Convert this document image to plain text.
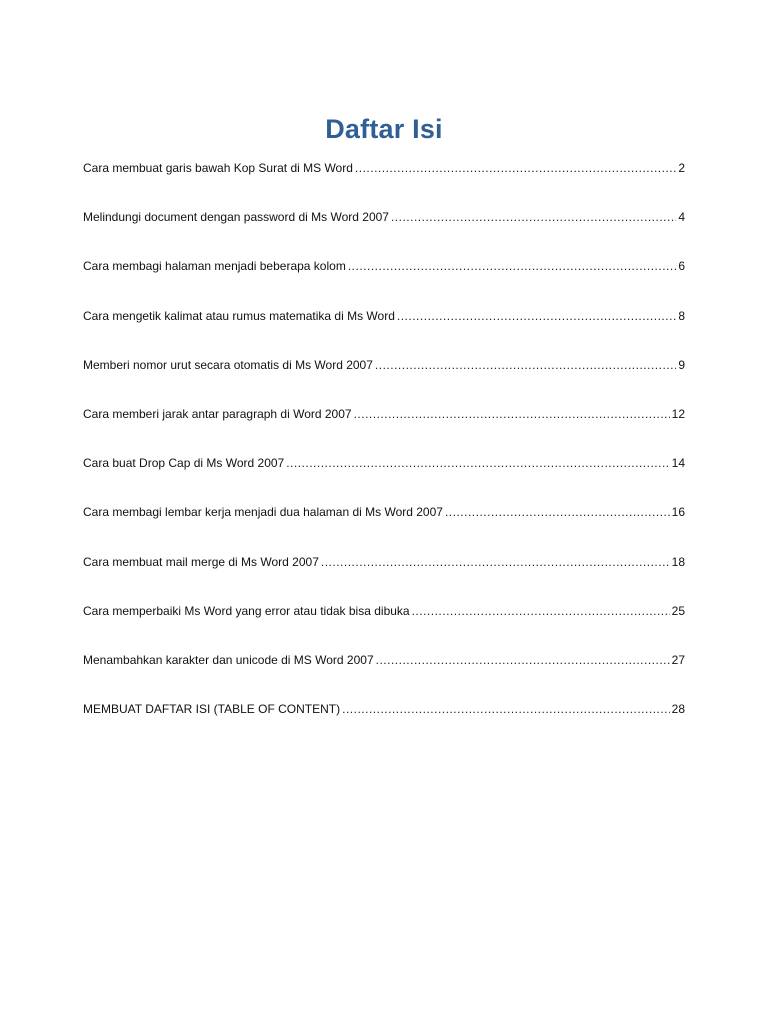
Daftar Isi
Cara membuat garis bawah Kop Surat di MS Word .....	2
Melindungi document dengan password di Ms Word 2007 .....	4
Cara membagi halaman menjadi beberapa kolom .....	6
Cara mengetik kalimat atau rumus matematika di Ms Word .....	8
Memberi nomor urut secara otomatis di Ms Word 2007 .....	9
Cara memberi jarak antar paragraph di Word 2007 .....	12
Cara buat Drop Cap di Ms Word 2007 .....	14
Cara membagi lembar kerja menjadi dua halaman di Ms Word 2007 .....	16
Cara membuat mail merge di Ms Word 2007 .....	18
Cara memperbaiki Ms Word yang error atau tidak bisa dibuka .....	25
Menambahkan karakter dan unicode di MS Word 2007 .....	27
MEMBUAT DAFTAR ISI (TABLE OF CONTENT) .....	28
